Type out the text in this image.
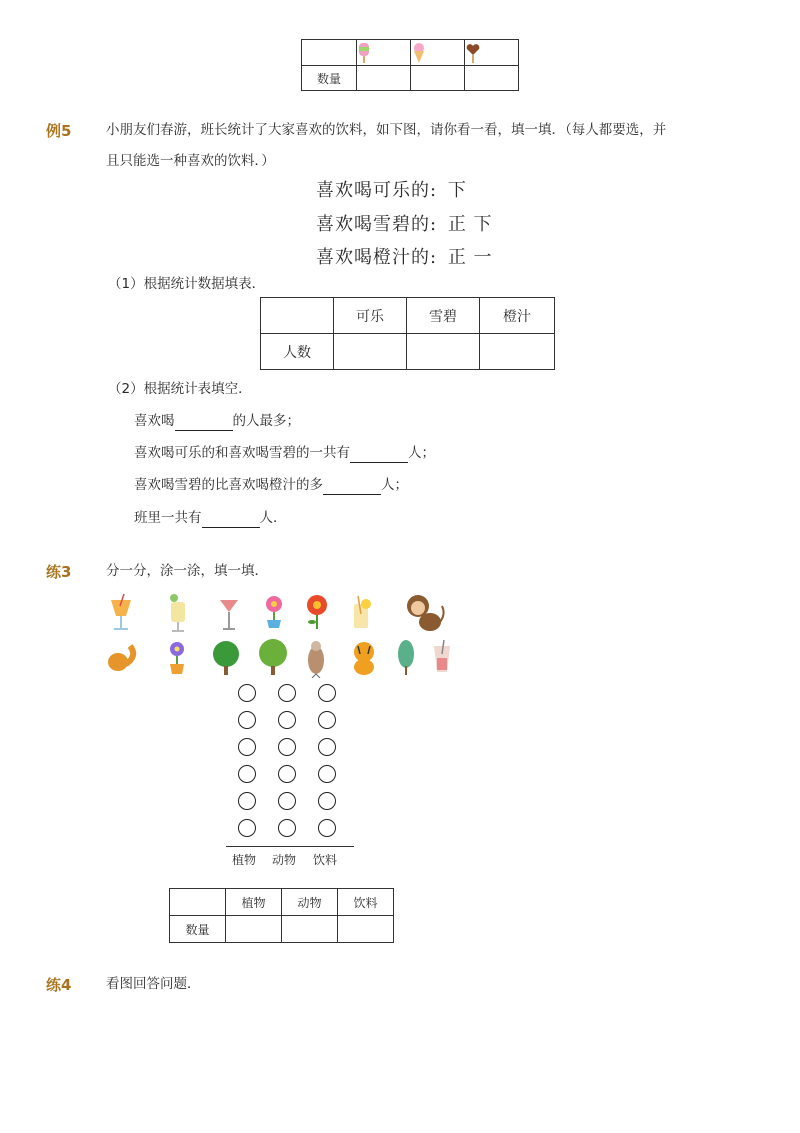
数量			
例5	小朋友们春游，班长统计了大家喜欢的饮料，如下图，请你看一看，填一填．（每人都要选，并
且只能选一种喜欢的饮料．）
喜欢喝可乐的: 下
喜欢喝雪碧的: 正 下
喜欢喝橙汁的: 正 一
（1）根据统计数据填表．
	可乐	雪碧	橙汁
人数			
（2）根据统计表填空．
喜欢喝	的人最多；
喜欢喝可乐的和喜欢喝雪碧的一共有	人；
喜欢喝雪碧的比喜欢喝橙汁的多	人；
班里一共有	人．
练3	分一分，涂一涂，填一填．
植物 动物 饮料
	植物	动物	饮料
数量			
练4	看图回答问题．
